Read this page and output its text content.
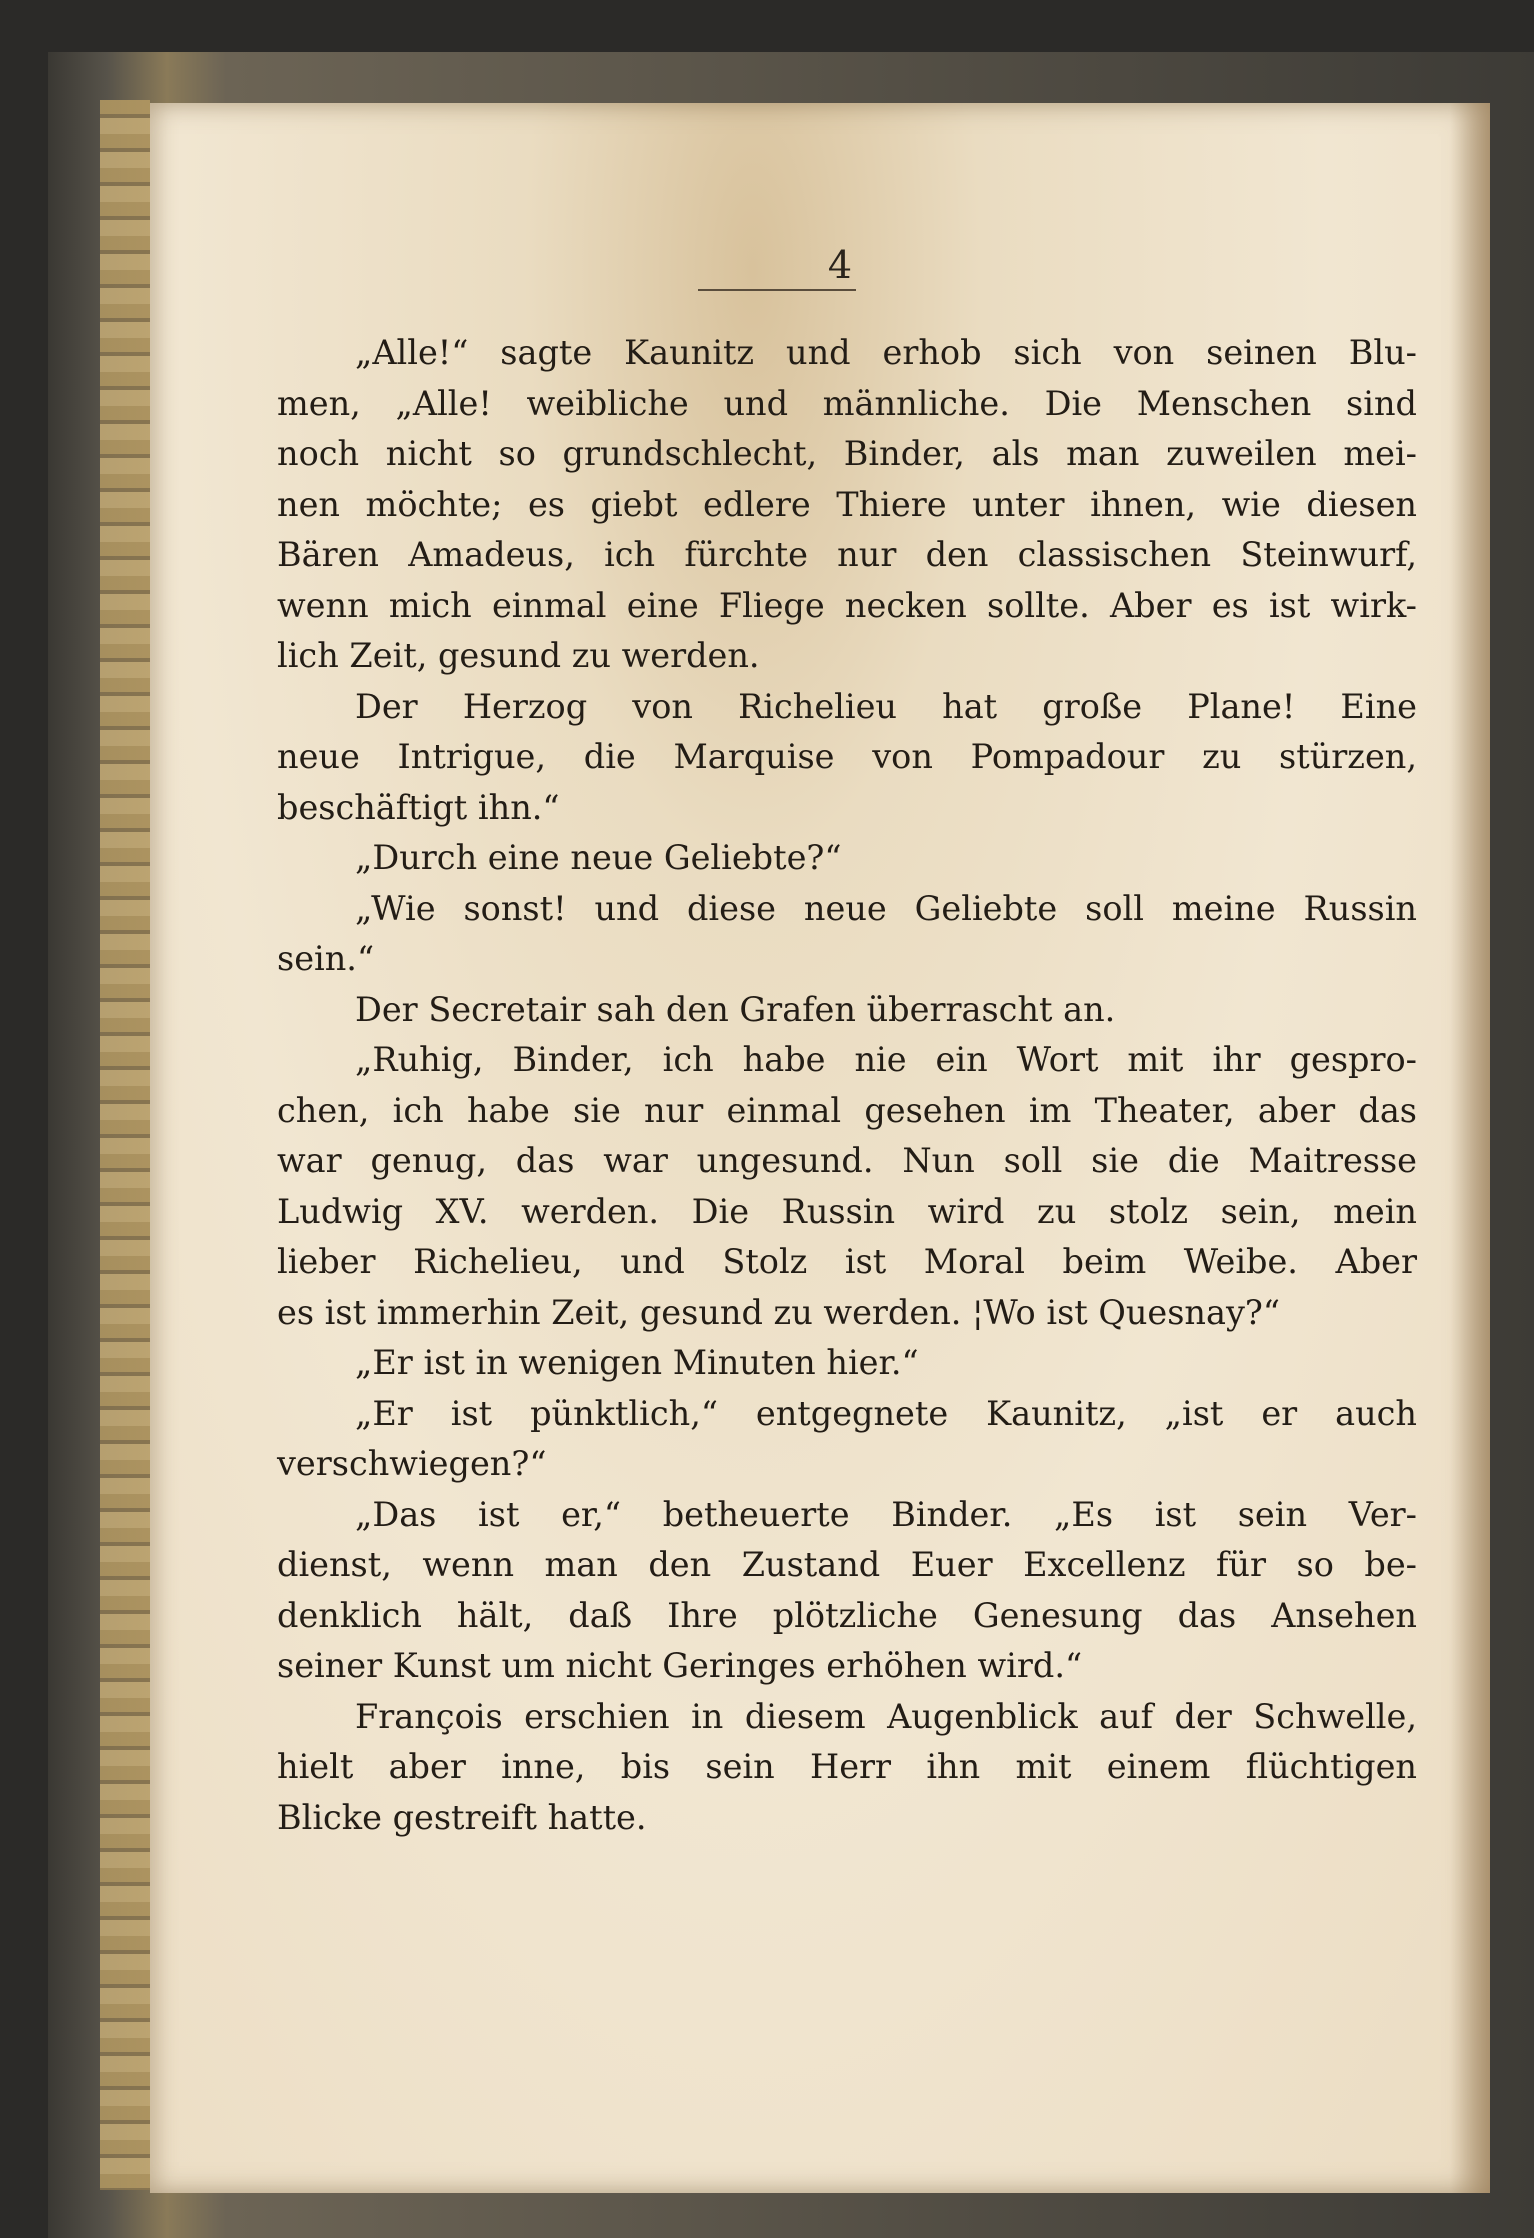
4
„Alle!“ sagte Kaunitz und erhob sich von seinen Blu-
men, „Alle! weibliche und männliche. Die Menschen sind
noch nicht so grundschlecht, Binder, als man zuweilen mei-
nen möchte; es giebt edlere Thiere unter ihnen, wie diesen
Bären Amadeus, ich fürchte nur den classischen Steinwurf,
wenn mich einmal eine Fliege necken sollte. Aber es ist wirk-
lich Zeit, gesund zu werden.
Der Herzog von Richelieu hat große Plane! Eine
neue Intrigue, die Marquise von Pompadour zu stürzen,
beschäftigt ihn.“
„Durch eine neue Geliebte?“
„Wie sonst! und diese neue Geliebte soll meine Russin
sein.“
Der Secretair sah den Grafen überrascht an.
„Ruhig, Binder, ich habe nie ein Wort mit ihr gespro-
chen, ich habe sie nur einmal gesehen im Theater, aber das
war genug, das war ungesund. Nun soll sie die Maitresse
Ludwig XV. werden. Die Russin wird zu stolz sein, mein
lieber Richelieu, und Stolz ist Moral beim Weibe. Aber
es ist immerhin Zeit, gesund zu werden. ¦Wo ist Quesnay?“
„Er ist in wenigen Minuten hier.“
„Er ist pünktlich,“ entgegnete Kaunitz, „ist er auch
verschwiegen?“
„Das ist er,“ betheuerte Binder. „Es ist sein Ver-
dienst, wenn man den Zustand Euer Excellenz für so be-
denklich hält, daß Ihre plötzliche Genesung das Ansehen
seiner Kunst um nicht Geringes erhöhen wird.“
François erschien in diesem Augenblick auf der Schwelle,
hielt aber inne, bis sein Herr ihn mit einem flüchtigen
Blicke gestreift hatte.
